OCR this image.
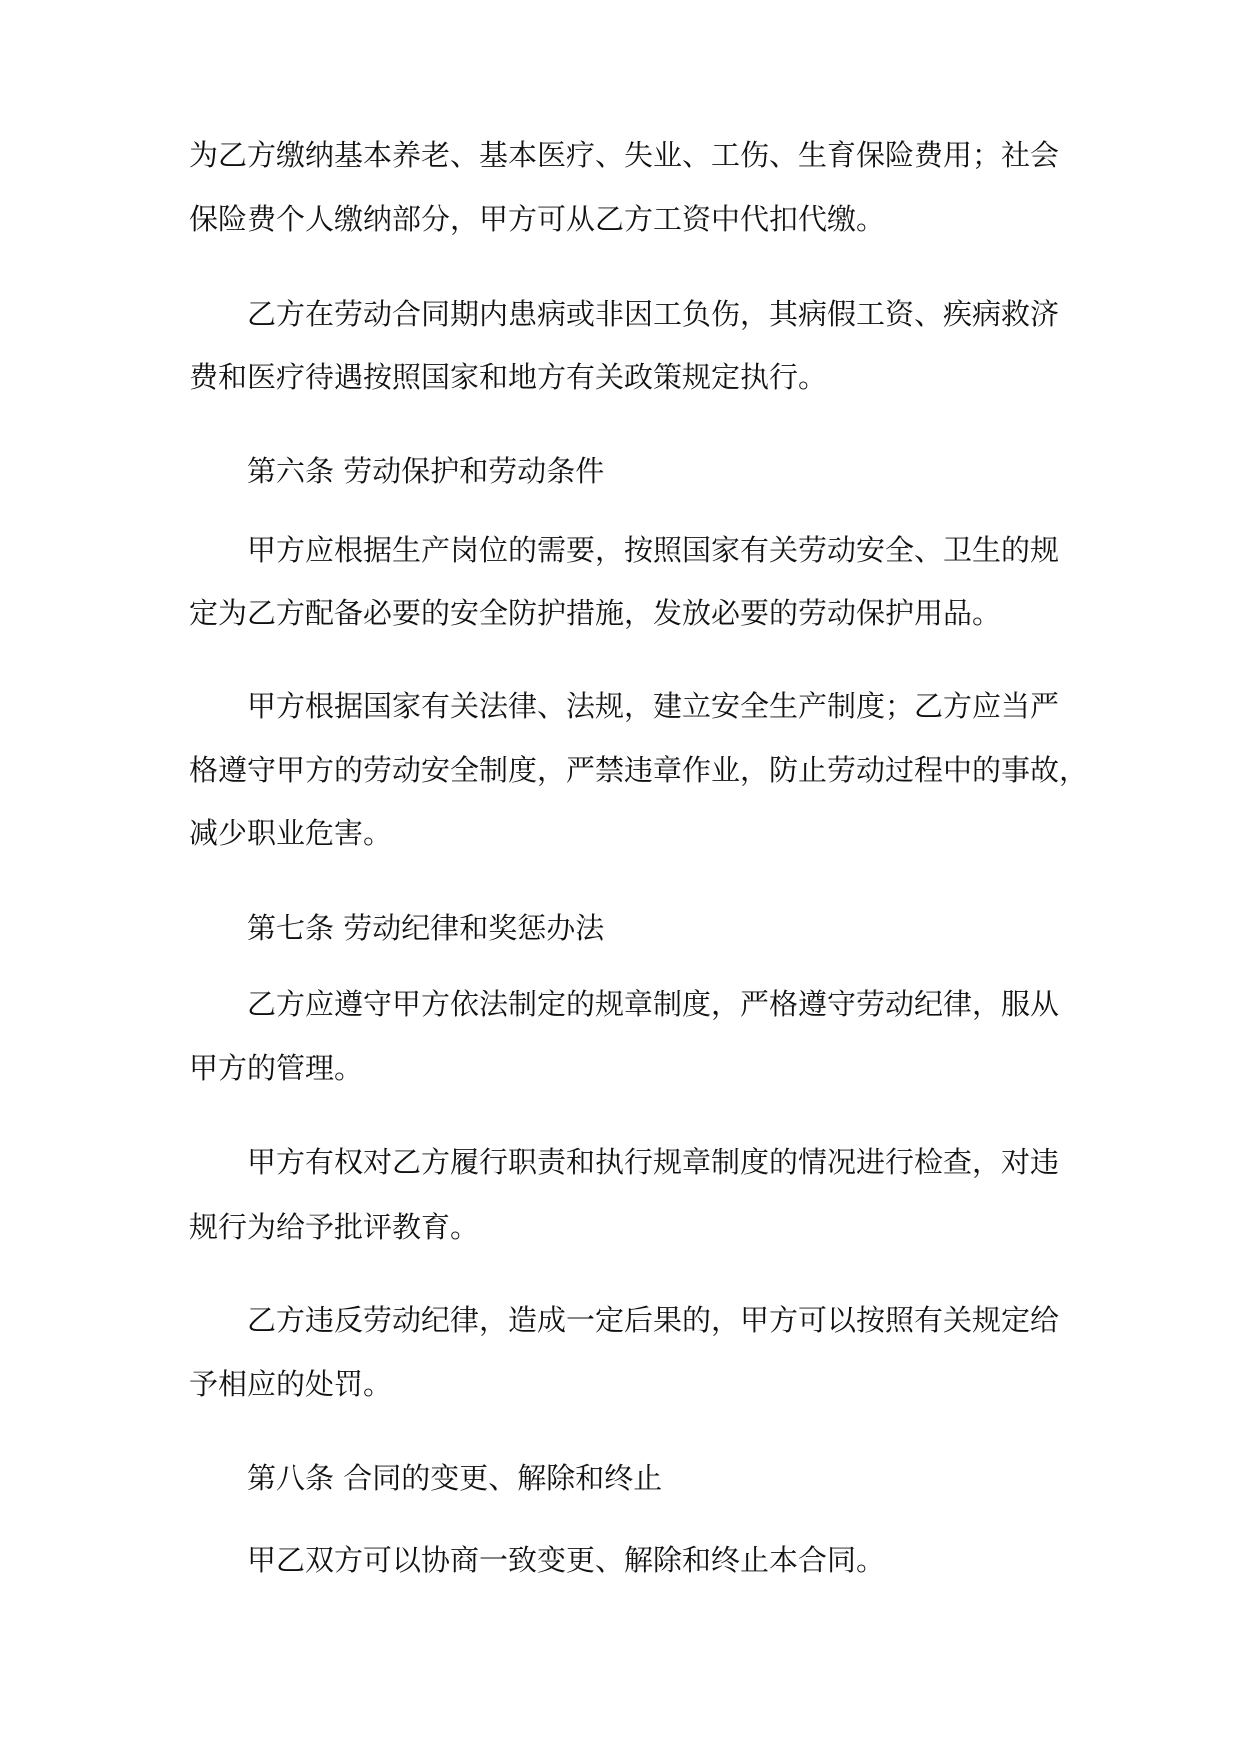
为乙方缴纳基本养老、基本医疗、失业、工伤、生育保险费用；社会
保险费个人缴纳部分，甲方可从乙方工资中代扣代缴。
乙方在劳动合同期内患病或非因工负伤，其病假工资、疾病救济
费和医疗待遇按照国家和地方有关政策规定执行。
第六条 劳动保护和劳动条件
甲方应根据生产岗位的需要，按照国家有关劳动安全、卫生的规
定为乙方配备必要的安全防护措施，发放必要的劳动保护用品。
甲方根据国家有关法律、法规，建立安全生产制度；乙方应当严
格遵守甲方的劳动安全制度，严禁违章作业，防止劳动过程中的事故，
减少职业危害。
第七条 劳动纪律和奖惩办法
乙方应遵守甲方依法制定的规章制度，严格遵守劳动纪律，服从
甲方的管理。
甲方有权对乙方履行职责和执行规章制度的情况进行检查，对违
规行为给予批评教育。
乙方违反劳动纪律，造成一定后果的，甲方可以按照有关规定给
予相应的处罚。
第八条 合同的变更、解除和终止
甲乙双方可以协商一致变更、解除和终止本合同。
